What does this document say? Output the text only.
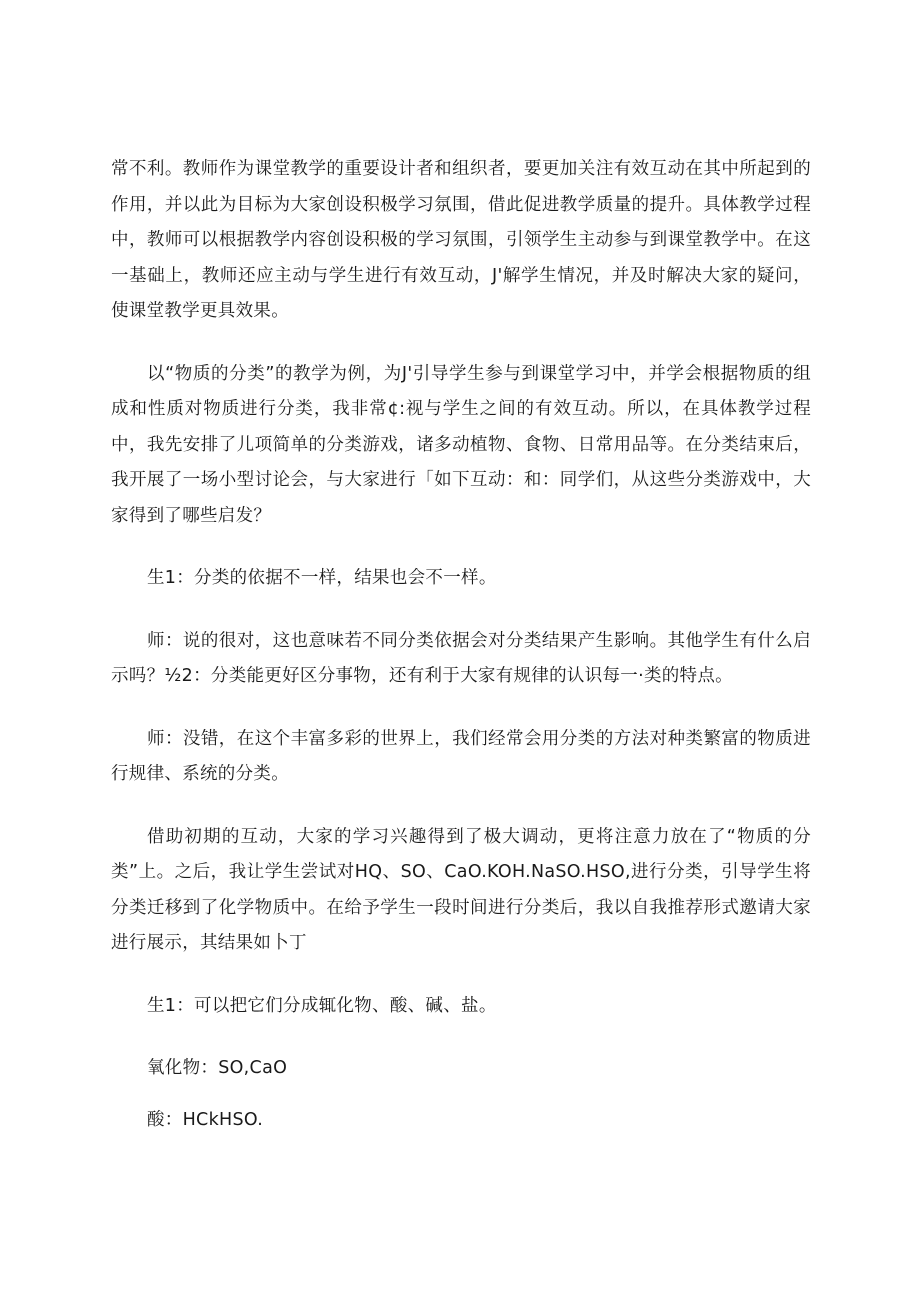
常不利。教师作为课堂教学的重要设计者和组织者，要更加关注有效互动在其中所起到的作用，并以此为目标为大家创设积极学习氛围，借此促进教学质量的提升。具体教学过程中，教师可以根据教学内容创设积极的学习氛围，引领学生主动参与到课堂教学中。在这一基础上，教师还应主动与学生进行有效互动，J'解学生情况，并及时解决大家的疑问，使课堂教学更具效果。

以“物质的分类”的教学为例，为J'引导学生参与到课堂学习中，并学会根据物质的组成和性质对物质进行分类，我非常¢:视与学生之间的有效互动。所以，在具体教学过程中，我先安排了儿项简单的分类游戏，诸多动植物、食物、日常用品等。在分类结束后，我开展了一场小型讨论会，与大家进行「如下互动：和：同学们，从这些分类游戏中，大家得到了哪些启发？

生1：分类的依据不一样，结果也会不一样。

师：说的很对，这也意味若不同分类依据会对分类结果产生影响。其他学生有什么启示吗？½2：分类能更好区分事物，还有利于大家有规律的认识每一·类的特点。

师：没错，在这个丰富多彩的世界上，我们经常会用分类的方法对种类繁富的物质进行规律、系统的分类。

借助初期的互动，大家的学习兴趣得到了极大调动，更将注意力放在了“物质的分类”上。之后，我让学生尝试对HQ、SO、CaO.KOH.NaSO.HSO,进行分类，引导学生将分类迁移到了化学物质中。在给予学生一段时间进行分类后，我以自我推荐形式邀请大家进行展示，其结果如卜丁

生1：可以把它们分成辄化物、酸、碱、盐。

氧化物：SO,CaO

酸：HCkHSO.
